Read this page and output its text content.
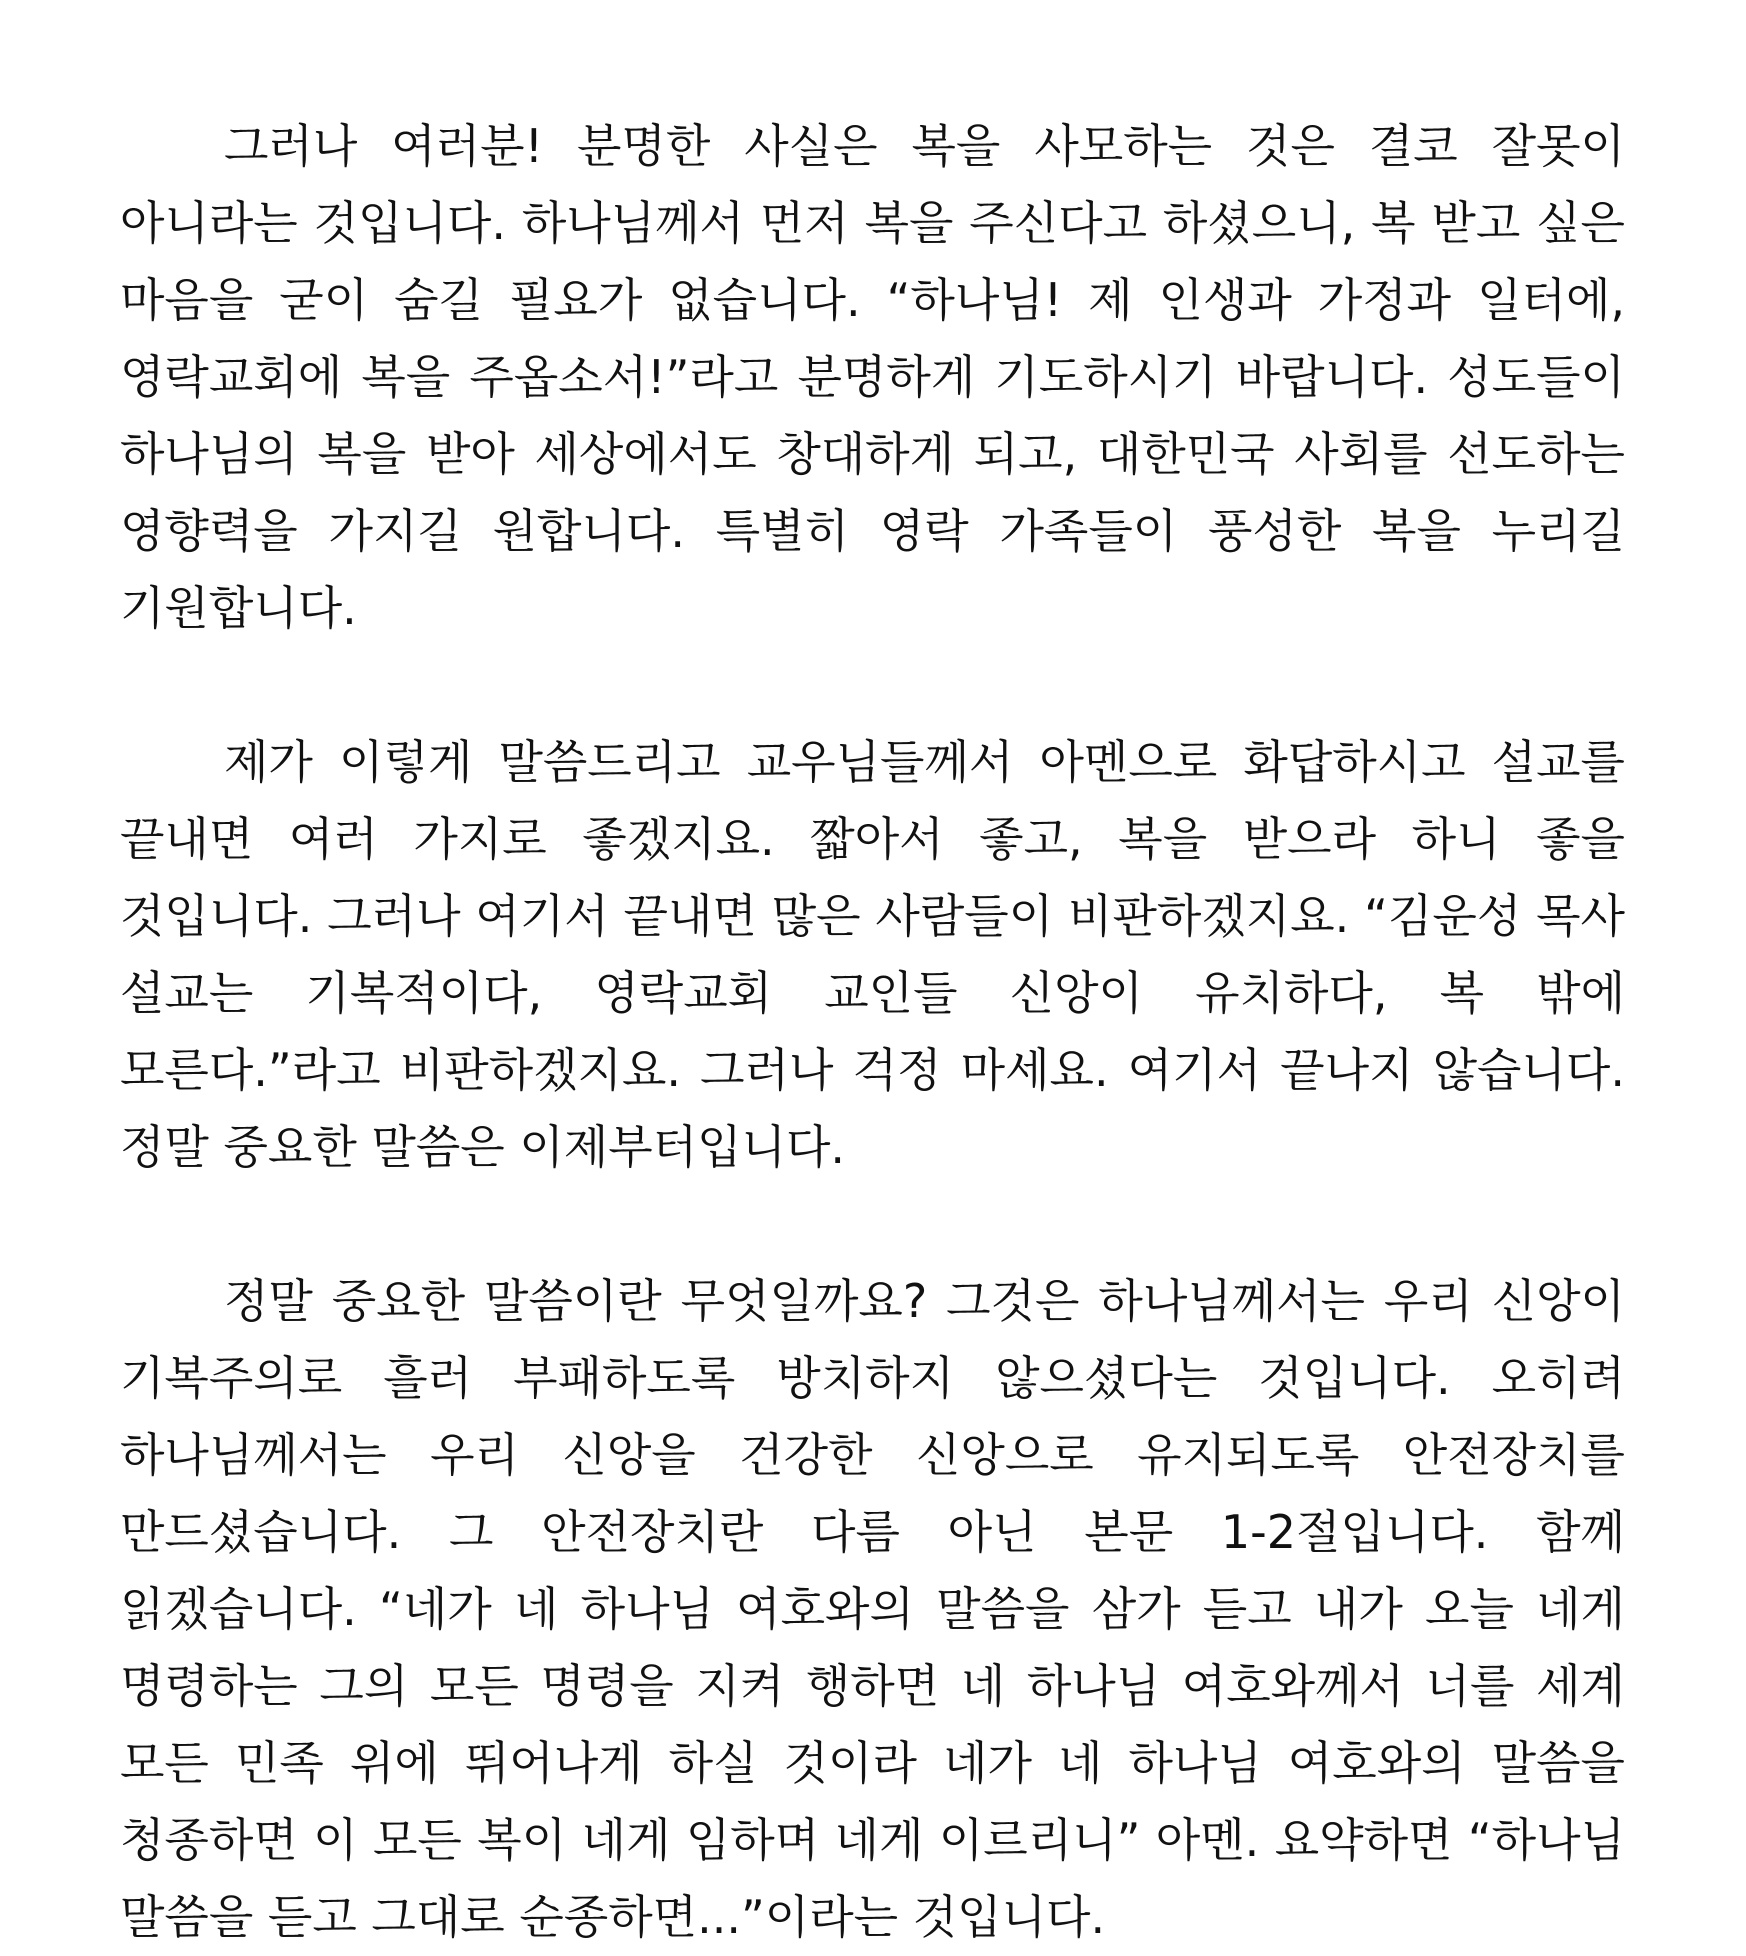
그러나 여러분! 분명한 사실은 복을 사모하는 것은 결코 잘못이 아니라는 것입니다. 하나님께서 먼저 복을 주신다고 하셨으니, 복 받고 싶은 마음을 굳이 숨길 필요가 없습니다. “하나님! 제 인생과 가정과 일터에, 영락교회에 복을 주옵소서!”라고 분명하게 기도하시기 바랍니다. 성도들이 하나님의 복을 받아 세상에서도 창대하게 되고, 대한민국 사회를 선도하는 영향력을 가지길 원합니다. 특별히 영락 가족들이 풍성한 복을 누리길 기원합니다.

제가 이렇게 말씀드리고 교우님들께서 아멘으로 화답하시고 설교를 끝내면 여러 가지로 좋겠지요. 짧아서 좋고, 복을 받으라 하니 좋을 것입니다. 그러나 여기서 끝내면 많은 사람들이 비판하겠지요. “김운성 목사 설교는 기복적이다, 영락교회 교인들 신앙이 유치하다, 복 밖에 모른다.”라고 비판하겠지요. 그러나 걱정 마세요. 여기서 끝나지 않습니다. 정말 중요한 말씀은 이제부터입니다.

정말 중요한 말씀이란 무엇일까요? 그것은 하나님께서는 우리 신앙이 기복주의로 흘러 부패하도록 방치하지 않으셨다는 것입니다. 오히려 하나님께서는 우리 신앙을 건강한 신앙으로 유지되도록 안전장치를 만드셨습니다. 그 안전장치란 다름 아닌 본문 1-2절입니다. 함께 읽겠습니다. “네가 네 하나님 여호와의 말씀을 삼가 듣고 내가 오늘 네게 명령하는 그의 모든 명령을 지켜 행하면 네 하나님 여호와께서 너를 세계 모든 민족 위에 뛰어나게 하실 것이라 네가 네 하나님 여호와의 말씀을 청종하면 이 모든 복이 네게 임하며 네게 이르리니” 아멘. 요약하면 “하나님 말씀을 듣고 그대로 순종하면...”이라는 것입니다.
